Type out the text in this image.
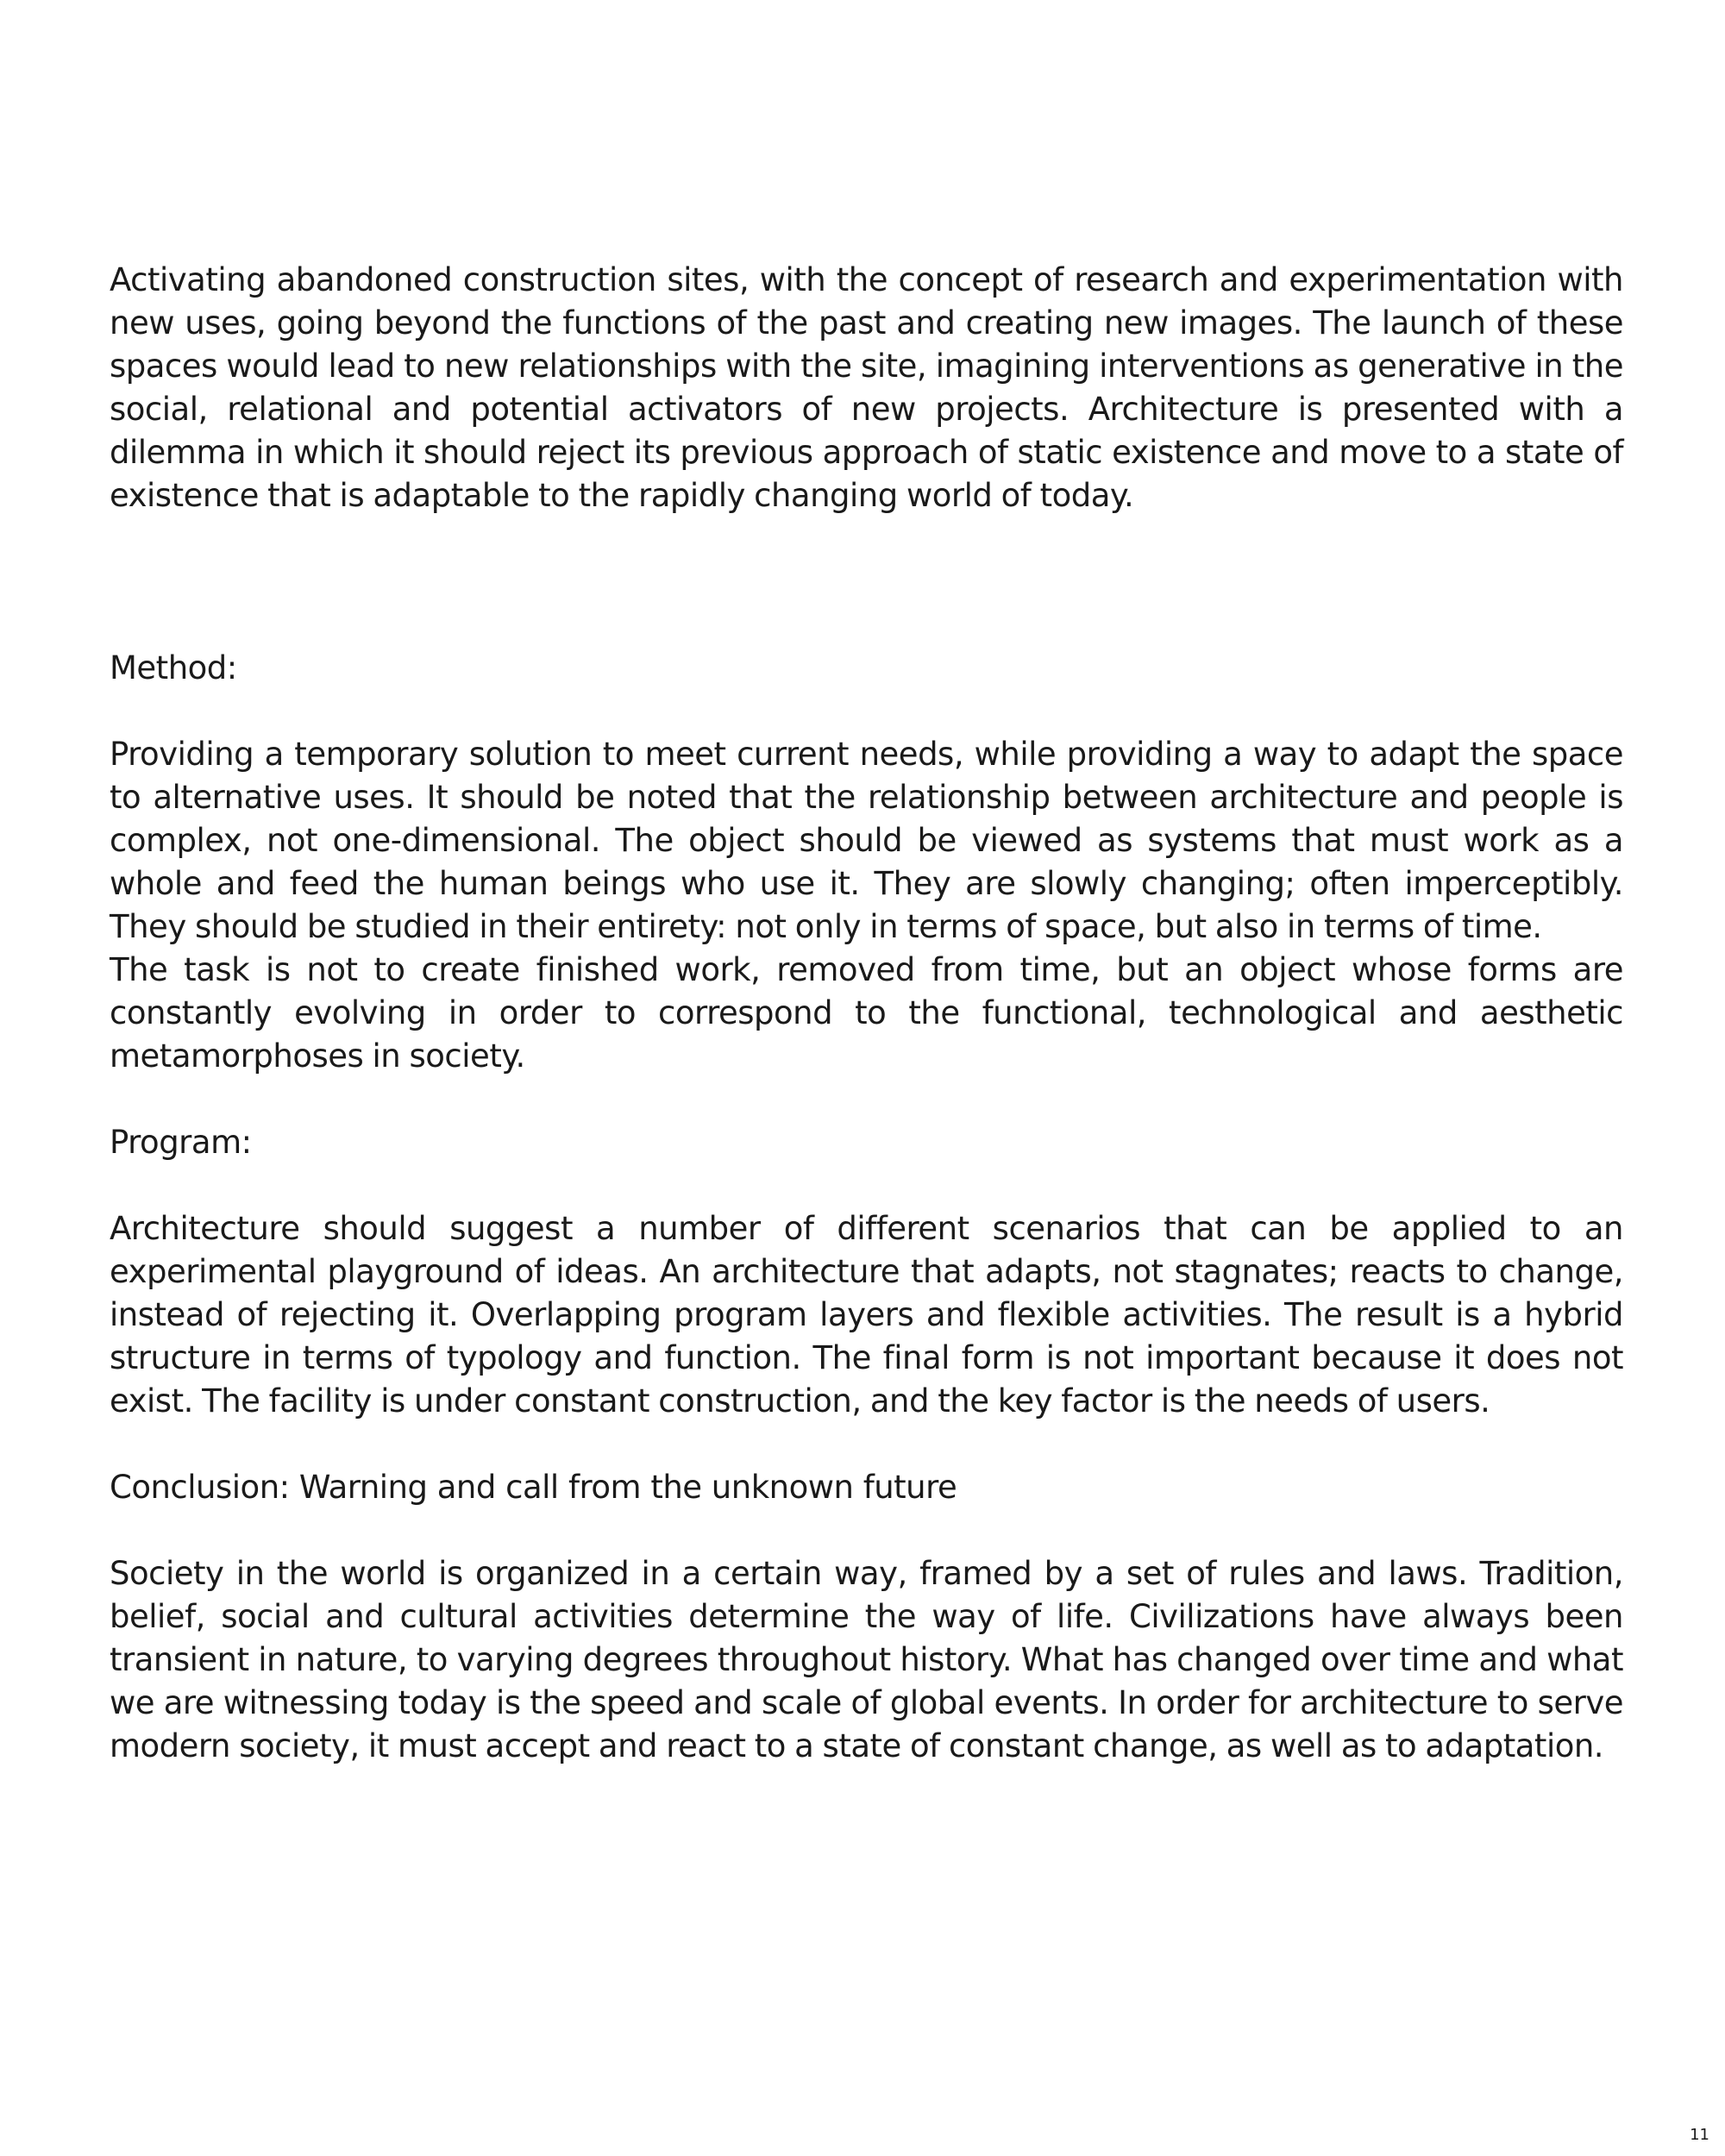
Activating abandoned construction sites, with the concept of research and experimentation with new uses, going beyond the functions of the past and creating new images. The launch of these spaces would lead to new relationships with the site, imagining interventions as generative in the social, relational and potential activators of new projects. Architecture is presented with a dilemma in which it should reject its previous approach of static existence and move to a state of existence that is adaptable to the rapidly changing world of today.

Method:

Providing a temporary solution to meet current needs, while providing a way to adapt the space to alternative uses. It should be noted that the relationship between architecture and people is complex, not one-dimensional. The object should be viewed as systems that must work as a whole and feed the human beings who use it. They are slowly changing; often imperceptibly. They should be studied in their entirety: not only in terms of space, but also in terms of time.

The task is not to create finished work, removed from time, but an object whose forms are constantly evolving in order to correspond to the functional, technological and aesthetic metamorphoses in society.

Program:

Architecture should suggest a number of different scenarios that can be applied to an experimental playground of ideas. An architecture that adapts, not stagnates; reacts to change, instead of rejecting it. Overlapping program layers and flexible activities. The result is a hybrid structure in terms of typology and function. The final form is not important because it does not exist. The facility is under constant construction, and the key factor is the needs of users.

Conclusion: Warning and call from the unknown future

Society in the world is organized in a certain way, framed by a set of rules and laws. Tradition, belief, social and cultural activities determine the way of life. Civilizations have always been transient in nature, to varying degrees throughout history. What has changed over time and what we are witnessing today is the speed and scale of global events. In order for architecture to serve modern society, it must accept and react to a state of constant change, as well as to adaptation.

11
